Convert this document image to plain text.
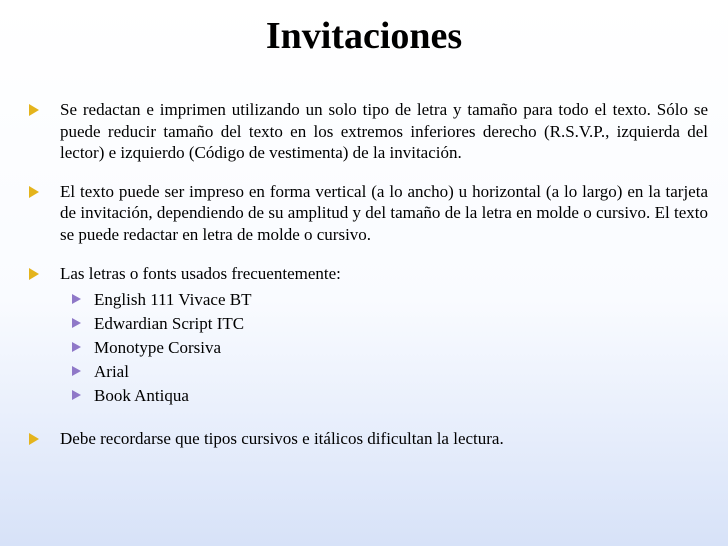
Invitaciones
Se redactan e imprimen utilizando un solo tipo de letra y tamaño para todo el texto. Sólo se puede reducir tamaño del texto en los extremos inferiores derecho (R.S.V.P., izquierda del lector) e izquierdo (Código de vestimenta) de la invitación.
El texto puede ser impreso en forma vertical (a lo ancho) u horizontal (a lo largo) en la tarjeta de invitación, dependiendo de su amplitud y del tamaño de la letra en molde o cursivo. El texto se puede redactar en letra de molde o cursivo.
Las letras o fonts usados frecuentemente:
English 111 Vivace BT
Edwardian Script ITC
Monotype Corsiva
Arial
Book Antiqua
Debe recordarse que tipos cursivos e itálicos dificultan la lectura.
